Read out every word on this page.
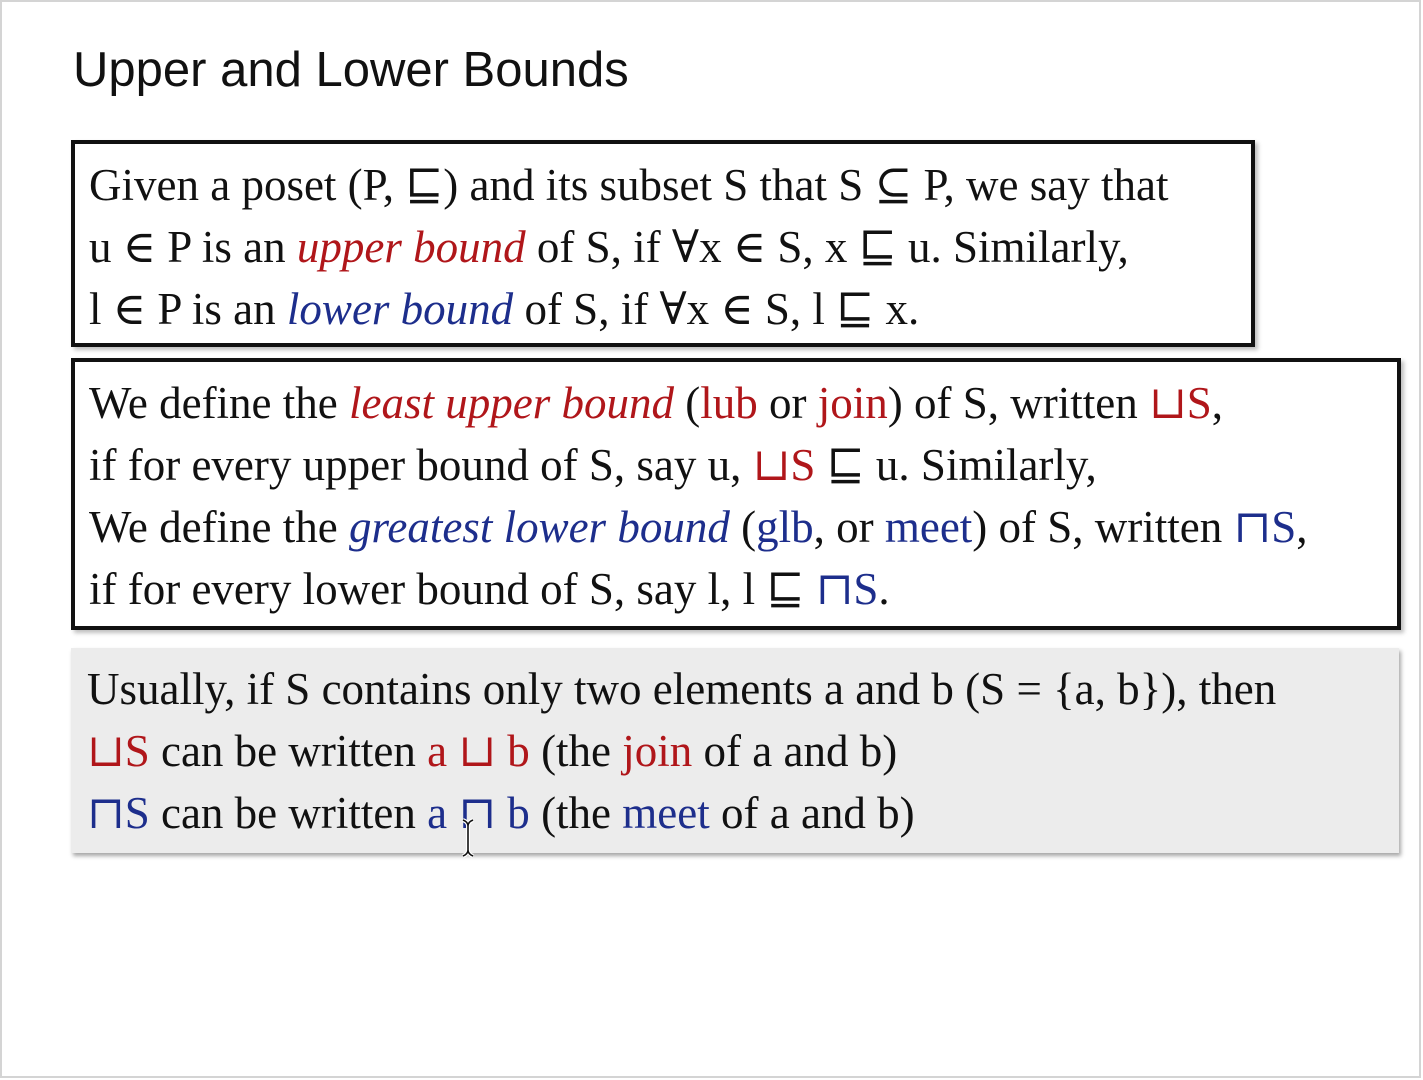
Upper and Lower Bounds
Given a poset (P, ⊑) and its subset S that S ⊆ P, we say that
u ∈ P is an upper bound of S, if ∀x ∈ S, x ⊑ u. Similarly,
l ∈ P is an lower bound of S, if ∀x ∈ S, l ⊑ x.
We define the least upper bound (lub or join) of S, written ⊔S,
if for every upper bound of S, say u, ⊔S ⊑ u. Similarly,
We define the greatest lower bound (glb, or meet) of S, written ⊓S,
if for every lower bound of S, say l, l ⊑ ⊓S.
Usually, if S contains only two elements a and b (S = {a, b}), then
⊔S can be written a ⊔ b (the join of a and b)
⊓S can be written a ⊓ b (the meet of a and b)
